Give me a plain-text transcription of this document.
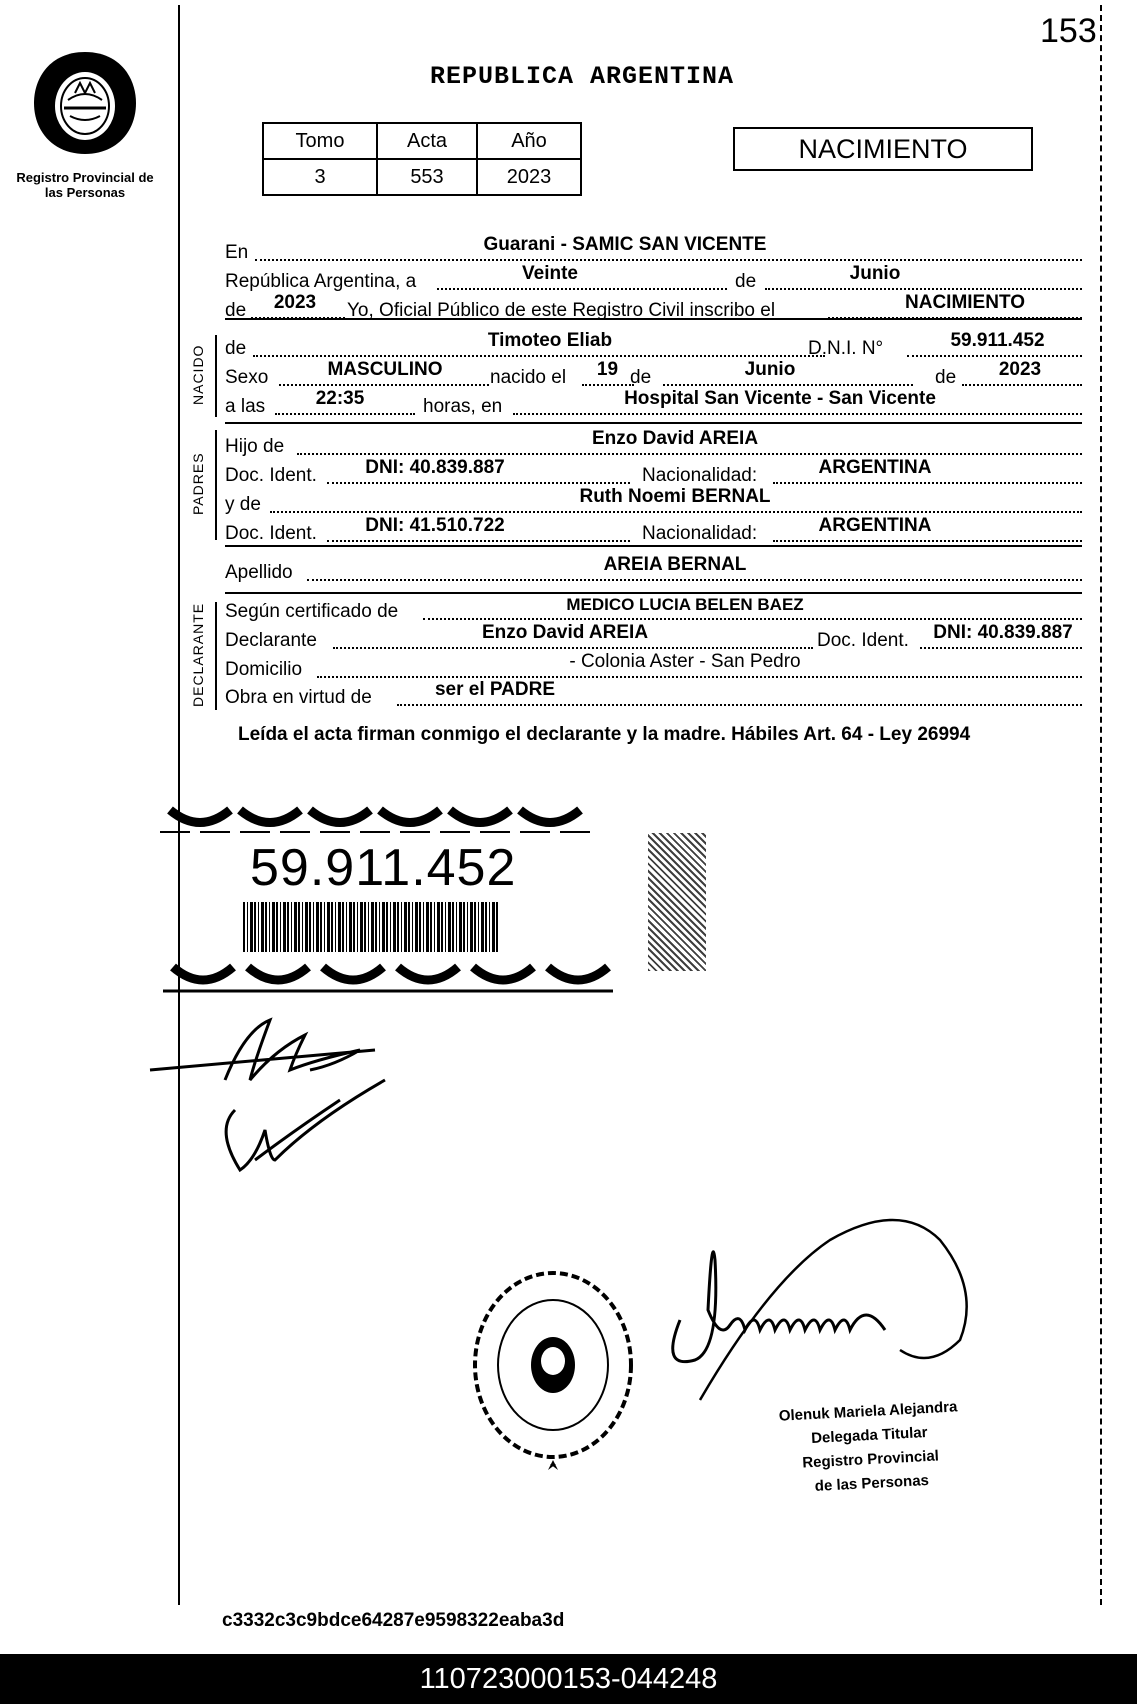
153
Registro Provincial de las Personas
REPUBLICA ARGENTINA
Tomo	Acta	Año
3	553	2023
NACIMIENTO
En	Guarani - SAMIC SAN VICENTE
República Argentina, a	Veinte	de	Junio
de	2023	Yo, Oficial Público de este Registro Civil inscribo el	NACIMIENTO
NACIDO de	Timoteo Eliab	D.N.I. N°	59.911.452
Sexo	MASCULINO	nacido el	19 de	Junio	de	2023
a las	22:35	horas, en	Hospital San Vicente - San Vicente
PADRES
Hijo de	Enzo David AREIA
Doc. Ident.	DNI: 40.839.887	Nacionalidad:	ARGENTINA
y de	Ruth Noemi BERNAL
Doc. Ident.	DNI: 41.510.722	Nacionalidad:	ARGENTINA
Apellido	AREIA BERNAL
DECLARANTE Según certificado de	MEDICO LUCIA BELEN BAEZ
Declarante	Enzo David AREIA	Doc. Ident.	DNI: 40.839.887
Domicilio	- Colonia Aster - San Pedro
Obra en virtud de	ser el PADRE
Leída el acta firman conmigo el declarante y la madre. Hábiles Art. 64 - Ley 26994
59.911.452
Olenuk Mariela Alejandra
Delegada Titular
Registro Provincial
de las Personas
c3332c3c9bdce64287e9598322eaba3d
110723000153-044248
